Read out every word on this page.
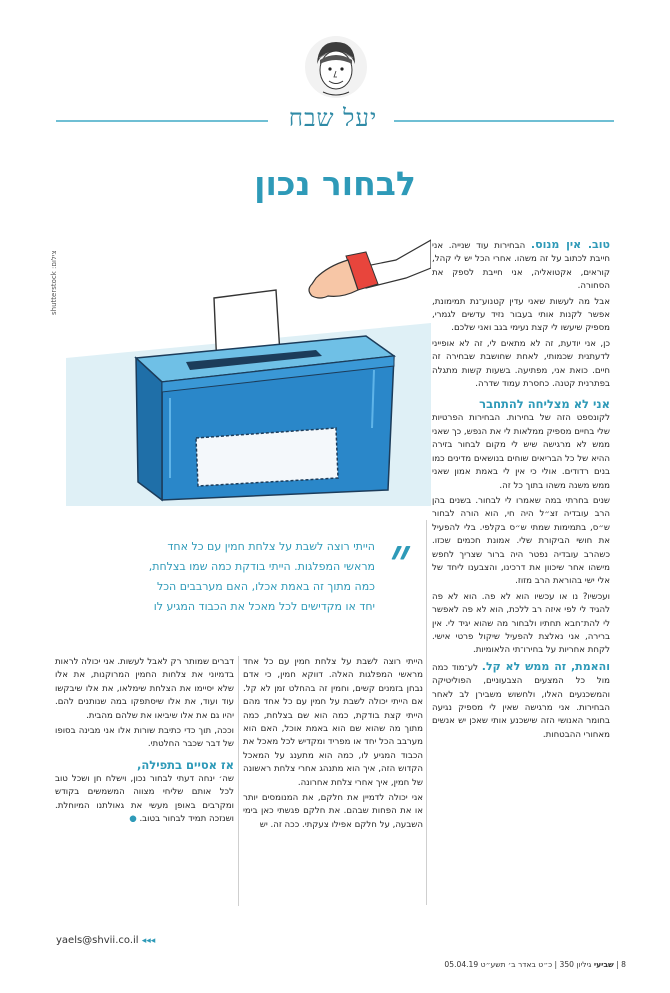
יעל שבח
לבחור נכון
shutterstock :צילום
״
הייתי רוצה לשבת על צלחת חמין עם כל אחד
מראשי המפלגות. הייתי בודקת כמה שמו בצלחת,
כמה מתוך זה באמת אכלו, האם מערבבים הכל
יחד או מקדישים לכל מאכל את הכבוד המגיע לו

טוב. אין מנוס. הבחירות עוד שנייה. אני חייבת לכתוב על זה משהו. אחרי הכל יש לי קהל, קוראים, אקטואליה, אני חייבת לספק את הסחורה.

אבל מה לעשות שאני עדין קטנוע־נת תמימונת, אפשר לקנות אותי בעבור נזיד עדשים לגמרי, מספיק שיעשו לי קצת נעימי בגב ואני שלכם.

כן, אני יודעת, זה לא מתאים לי, זה לא אופייני לדעתנית שכמותי, לאחת שחושבת שבחירה זה חיים. כואת אני, מפתיעה. בשעות קשות מתגלה בפתרנית קטנה. כחסרת עמוד שדרה.

אני לא מצליחה להתחבר

לקונספט הזה של בחירות. הבחירות הפרטיות שלי בחיים מספיק ממלאות לי את הנפש, כך שאני ממש לא מרגישה שיש לי מקום לבחור בזירה ההיא של כל הבריאים שוחים בנושאים מדינים כמו בנים רדודים. אולי כי אין לי באמת אמון שאני ממש משנה משהו בתוך כל זה.

שנים בחרתי במה שאמרו לי לבחור. בשנים בהן הרב עובדיה זצ״ל היה חי, הוא הורה לבחור ש״ס, בתמימות שמתי ש״ס בקלפי. בלי להפעיל את חושי הביקורת שלי. אמונת חכמים שכזו. כשהרב עובדיה נפטר היה ברור שצריך לחפש מישהו אחר שיכוון את דרכינו, והצבענו ליחד של אלי ישי בהוראת הרב מזוז.

ועכשיו? נו או עכשיו הוא לא פה. הוא לא פה להגיד לי לפי איזה רב ללכת, הוא לא פה לאפשר לי להת־חבא תחתיו ולבחור מה שהוא יגיד לי. אין ברירה, אני נאלצת להפעיל שיקול פרטי אישי. לקחת אחריות על בחירו־תי הלאומיות.

והאמת, זה ממש לא קל. לע־מוד כמה מול כל המצעים הצבעוניים, הפוליטיקה והמשכנעים האלו, ולחשוש משבירן לב לאחר הבחירות. אני מרגישה שאין לי מספיק נגיעה בחומר האנושי הזה שישכנע אותי שאכן יש אנשים מאחורי ההבטחות.

הייתי רוצה לשבת על צלחת חמין עם כל אחד מראשי המפלגות האלה. דווקא חמין, כי אדם נבחן בזמנים קשים, וחמין זה בהחלט זמן לא קל. אם הייתי יכולה לשבת על חמין עם כל אחד מהם הייתי קצת בודקת, כמה הוא שם בצלחת, כמה מתוך מה שהוא שם הוא באמת אוכל, האם הוא מערבב הכל יחד או מפריד ומקדיש לכל מאכל את הכבוד המגיע לו, כמה הוא מתענג על המאכל הקדוש הזה, איך הוא מתנהג אחרי צלחת ראשונה של חמין, איך אחרי צלחת אחרונה.

אני יכולה לדמיין את חלקם, את המנומסים יותר או את הפחות שבהם. את חלקם פגשתי כאן בימי השבעה, על חלקם אפילו צעקתי. ככה זה. יש

דברים שמותר רק לאבל לעשות. אני יכולה לראות בדמיוני את צלחות החמין המרוקנות, את אלו שלא יסיימו את הצלחת שימלאו, את אלו שיבקשו עוד ועוד, את אלו שיסתפקו במה שנותנים להם. יהיו גם את אלו שיביאו את שלהם מהבית.

וככה, תוך כדי כתיבת שורות אלו אני מבינה בסופו של דבר שכבר החלטתי.

אז אסיים בתפילה,

שה׳ ינחה דעתי לבחור נכון, וישלח חן ושכל טוב לכל אותם שליחי מצווה המשמשים בקודש ומקרבים באופן מעשי את גאולתנו המיוחלת. ושנזכה תמיד לבחור בטוב. ●

yaels@shvii.co.il ◂◂◂
8 | שביעי גיליון 350 | כ״ט באדר ב׳ תשע״ט 05.04.19
